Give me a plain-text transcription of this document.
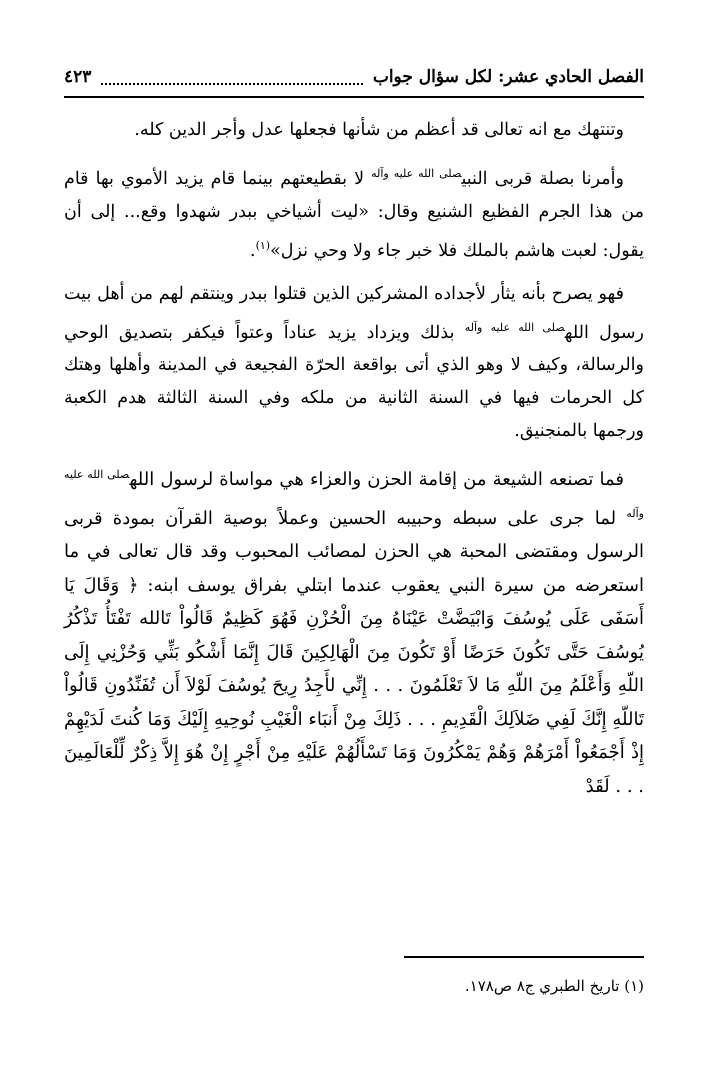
الفصل الحادي عشر: لكل سؤال جواب
٤٢٣

وتنتهك مع انه تعالى قد أعظم من شأنها فجعلها عدل وأجر الدين كله.

وأمرنا بصلة قربى النبي$^{صلى الله عليه وآله}$ لا بقطيعتهم بينما قام يزيد الأموي بها قام من هذا الجرم الفظيع الشنيع وقال: «ليت أشياخي ببدر شهدوا وقع... إلى أن يقول: لعبت هاشم بالملك فلا خبر جاء ولا وحي نزل»$^{(١)}$.

فهو يصرح بأنه يثأر لأجداده المشركين الذين قتلوا ببدر وينتقم لهم من أهل بيت رسول الله$^{صلى الله عليه وآله}$ بذلك ويزداد يزيد عناداً وعتواً فيكفر بتصديق الوحي والرسالة، وكيف لا وهو الذي أتى بواقعة الحرّة الفجيعة في المدينة وأهلها وهتك كل الحرمات فيها في السنة الثانية من ملكه وفي السنة الثالثة هدم الكعبة ورجمها بالمنجنيق.

فما تصنعه الشيعة من إقامة الحزن والعزاء هي مواساة لرسول الله$^{صلى الله عليه وآله}$ لما جرى على سبطه وحبيبه الحسين وعملاً بوصية القرآن بمودة قربى الرسول ومقتضى المحبة هي الحزن لمصائب المحبوب وقد قال تعالى في ما استعرضه من سيرة النبي يعقوب عندما ابتلي بفراق يوسف ابنه: ﴿ وَقَالَ يَا أَسَفَى عَلَى يُوسُفَ وَابْيَضَّتْ عَيْنَاهُ مِنَ الْحُزْنِ فَهُوَ كَظِيمٌ قَالُواْ تَالله تَفْتَأُ تَذْكُرُ يُوسُفَ حَتَّى تَكُونَ حَرَضًا أَوْ تَكُونَ مِنَ الْهَالِكِينَ قَالَ إِنَّمَا أَشْكُو بَثِّي وَحُزْنِي إِلَى اللّهِ وَأَعْلَمُ مِنَ اللّهِ مَا لاَ تَعْلَمُونَ . . . إِنِّي لأَجِدُ رِيحَ يُوسُفَ لَوْلاَ أَن تُفَنِّدُونِ قَالُواْ تَاللّهِ إِنَّكَ لَفِي ضَلاَلِكَ الْقَدِيمِ . . . ذَلِكَ مِنْ أَنبَاء الْغَيْبِ نُوحِيهِ إِلَيْكَ وَمَا كُنتَ لَدَيْهِمْ إِذْ أَجْمَعُواْ أَمْرَهُمْ وَهُمْ يَمْكُرُونَ وَمَا تَسْأَلُهُمْ عَلَيْهِ مِنْ أَجْرٍ إِنْ هُوَ إِلاَّ ذِكْرٌ لِّلْعَالَمِينَ . . . لَقَدْ

(١) تاريخ الطبري ج٨ ص١٧٨.
